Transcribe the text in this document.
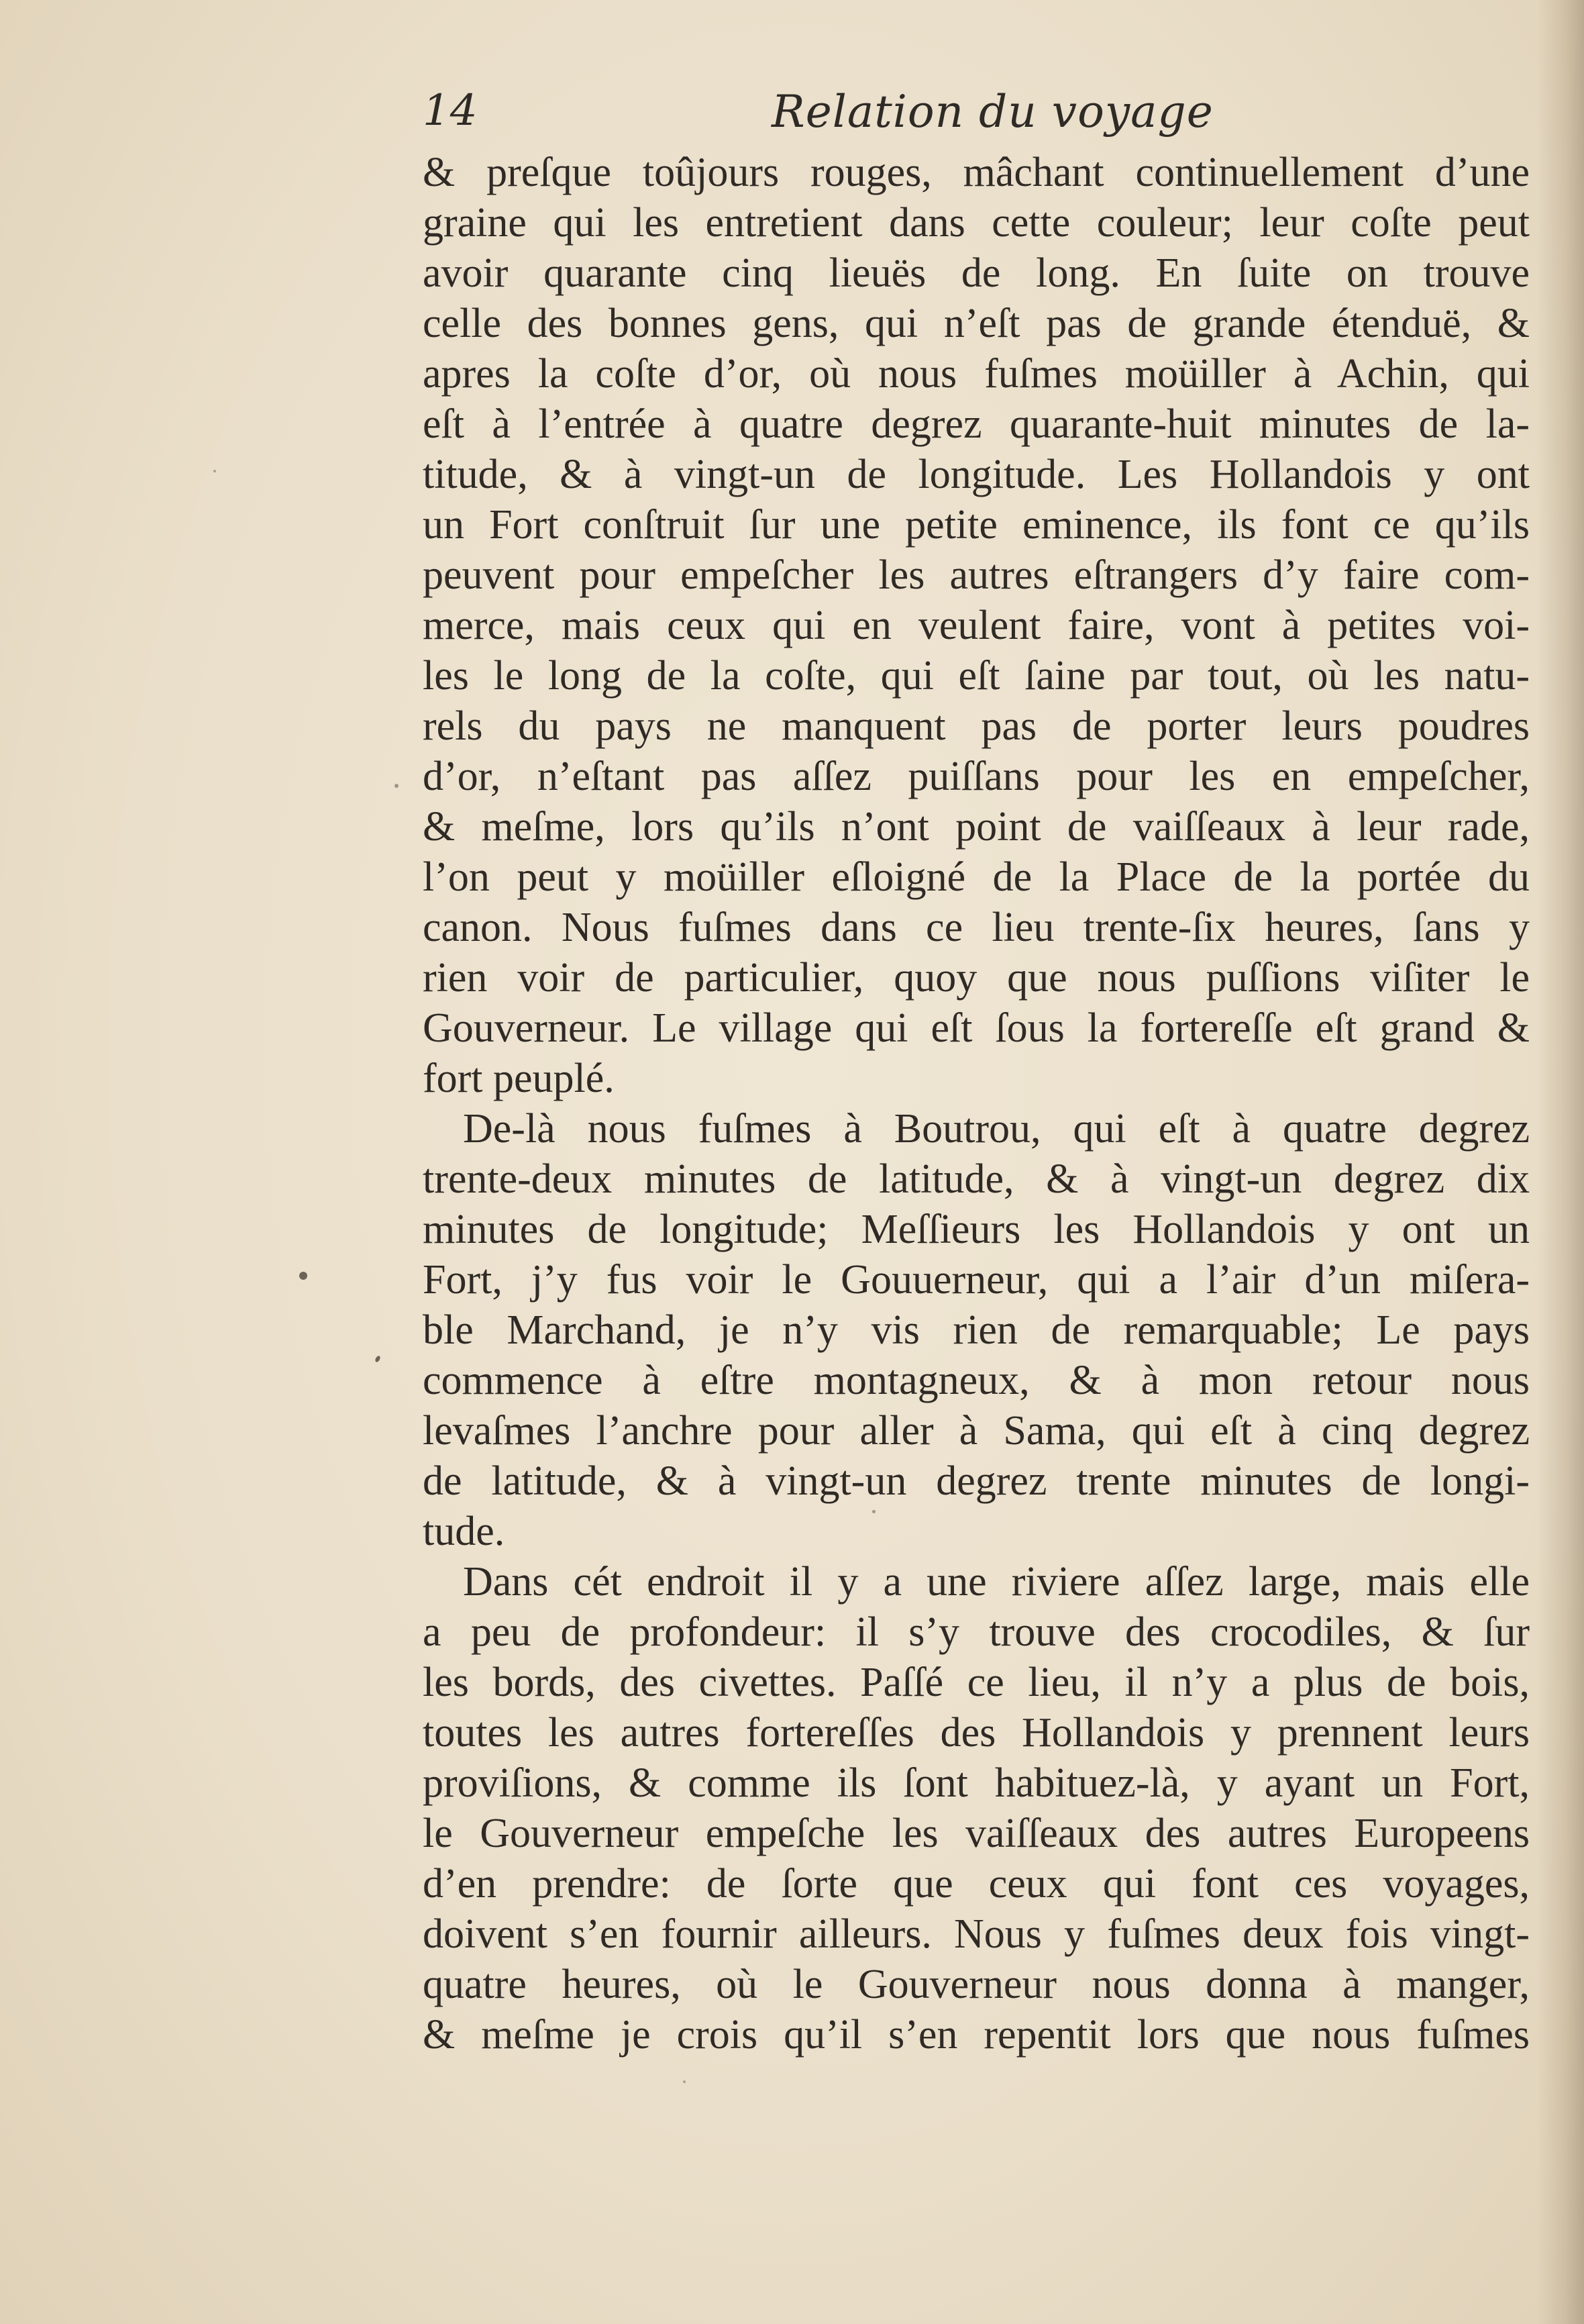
14	Relation du voyage
& preſque toûjours rouges, mâchant continuellement d’une
graine qui les entretient dans cette couleur; leur coſte peut
avoir quarante cinq lieuës de long. En ſuite on trouve
celle des bonnes gens, qui n’eſt pas de grande étenduë, &
apres la coſte d’or, où nous fuſmes moüiller à Achin, qui
eſt à l’entrée à quatre degrez quarante-huit minutes de la-
titude, & à vingt-un de longitude. Les Hollandois y ont
un Fort conſtruit ſur une petite eminence, ils font ce qu’ils
peuvent pour empeſcher les autres eſtrangers d’y faire com-
merce, mais ceux qui en veulent faire, vont à petites voi-
les le long de la coſte, qui eſt ſaine par tout, où les natu-
rels du pays ne manquent pas de porter leurs poudres
d’or, n’eſtant pas aſſez puiſſans pour les en empeſcher,
& meſme, lors qu’ils n’ont point de vaiſſeaux à leur rade,
l’on peut y moüiller eſloigné de la Place de la portée du
canon. Nous fuſmes dans ce lieu trente-ſix heures, ſans y
rien voir de particulier, quoy que nous puſſions viſiter le
Gouverneur. Le village qui eſt ſous la fortereſſe eſt grand &
fort peuplé.
De-là nous fuſmes à Boutrou, qui eſt à quatre degrez
trente-deux minutes de latitude, & à vingt-un degrez dix
minutes de longitude; Meſſieurs les Hollandois y ont un
Fort, j’y fus voir le Gouuerneur, qui a l’air d’un miſera-
ble Marchand, je n’y vis rien de remarquable; Le pays
commence à eſtre montagneux, & à mon retour nous
levaſmes l’anchre pour aller à Sama, qui eſt à cinq degrez
de latitude, & à vingt-un degrez trente minutes de longi-
tude.
Dans cét endroit il y a une riviere aſſez large, mais elle
a peu de profondeur: il s’y trouve des crocodiles, & ſur
les bords, des civettes. Paſſé ce lieu, il n’y a plus de bois,
toutes les autres fortereſſes des Hollandois y prennent leurs
proviſions, & comme ils ſont habituez-là, y ayant un Fort,
le Gouverneur empeſche les vaiſſeaux des autres Europeens
d’en prendre: de ſorte que ceux qui font ces voyages,
doivent s’en fournir ailleurs. Nous y fuſmes deux fois vingt-
quatre heures, où le Gouverneur nous donna à manger,
& meſme je crois qu’il s’en repentit lors que nous fuſmes
